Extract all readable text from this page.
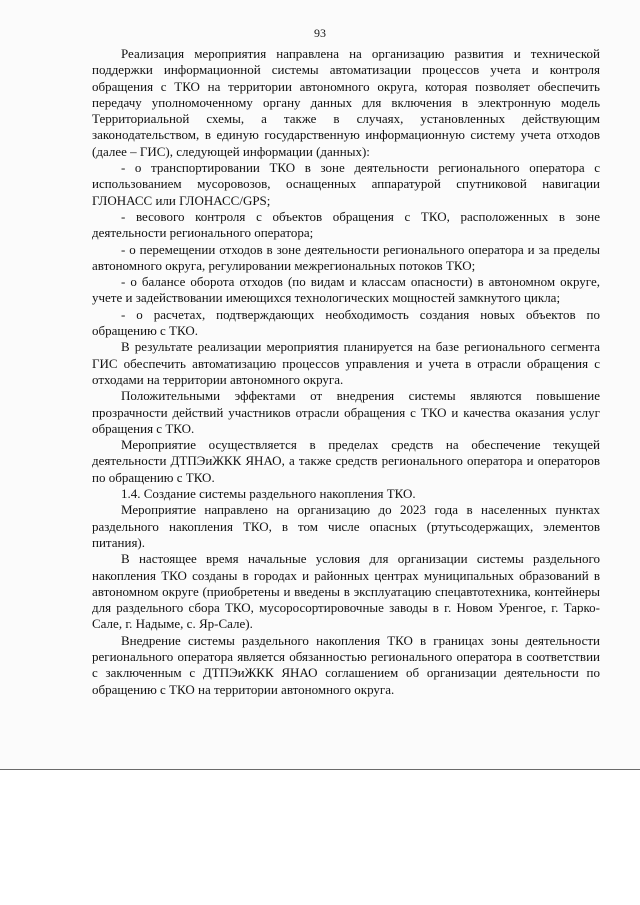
93

Реализация мероприятия направлена на организацию развития и технической поддержки информационной системы автоматизации процессов учета и контроля обращения с ТКО на территории автономного округа, которая позволяет обеспечить передачу уполномоченному органу данных для включения в электронную модель Территориальной схемы, а также в случаях, установленных действующим законодательством, в единую государственную информационную систему учета отходов (далее – ГИС), следующей информации (данных):

- о транспортировании ТКО в зоне деятельности регионального оператора с использованием мусоровозов, оснащенных аппаратурой спутниковой навигации ГЛОНАСС или ГЛОНАСС/GPS;

- весового контроля с объектов обращения с ТКО, расположенных в зоне деятельности регионального оператора;

- о перемещении отходов в зоне деятельности регионального оператора и за пределы автономного округа, регулировании межрегиональных потоков ТКО;

- о балансе оборота отходов (по видам и классам опасности) в автономном округе, учете и задействовании имеющихся технологических мощностей замкнутого цикла;

- о расчетах, подтверждающих необходимость создания новых объектов по обращению с ТКО.

В результате реализации мероприятия планируется на базе регионального сегмента ГИС обеспечить автоматизацию процессов управления и учета в отрасли обращения с отходами на территории автономного округа.

Положительными эффектами от внедрения системы являются повышение прозрачности действий участников отрасли обращения с ТКО и качества оказания услуг обращения с ТКО.

Мероприятие осуществляется в пределах средств на обеспечение текущей деятельности ДТПЭиЖКК ЯНАО, а также средств регионального оператора и операторов по обращению с ТКО.

1.4. Создание системы раздельного накопления ТКО.

Мероприятие направлено на организацию до 2023 года в населенных пунктах раздельного накопления ТКО, в том числе опасных (ртутьсодержащих, элементов питания).

В настоящее время начальные условия для организации системы раздельного накопления ТКО созданы в городах и районных центрах муниципальных образований в автономном округе (приобретены и введены в эксплуатацию спецавтотехника, контейнеры для раздельного сбора ТКО, мусоросортировочные заводы в г. Новом Уренгое, г. Тарко-Сале, г. Надыме, с. Яр-Сале).

Внедрение системы раздельного накопления ТКО в границах зоны деятельности регионального оператора является обязанностью регионального оператора в соответствии с заключенным с ДТПЭиЖКК ЯНАО соглашением об организации деятельности по обращению с ТКО на территории автономного округа.
